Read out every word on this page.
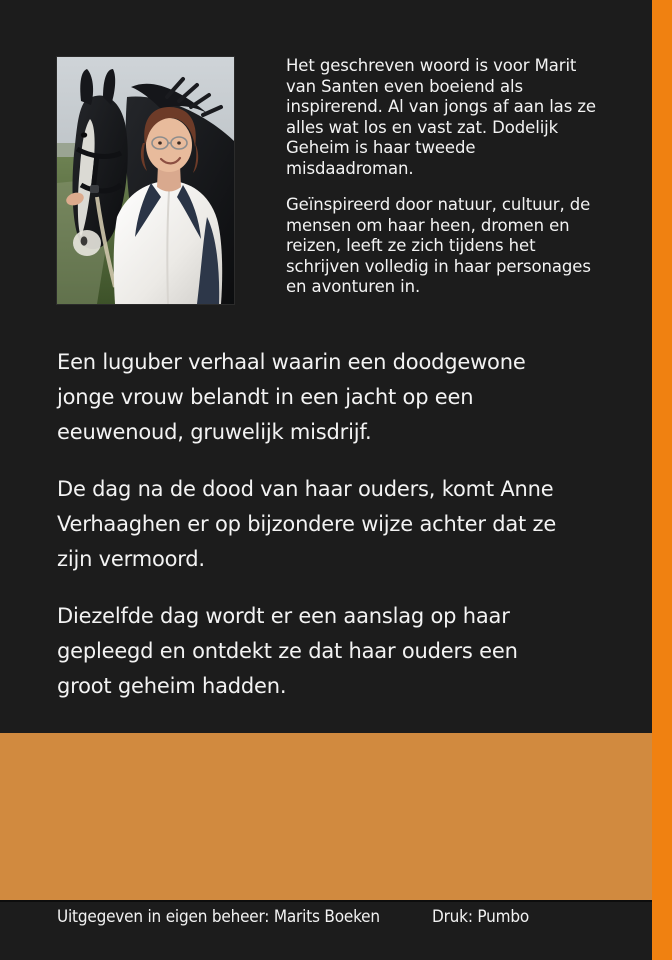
Het geschreven woord is voor Marit van Santen even boeiend als inspirerend. Al van jongs af aan las ze alles wat los en vast zat. Dodelijk Geheim is haar tweede misdaadroman.

Geïnspireerd door natuur, cultuur, de mensen om haar heen, dromen en reizen, leeft ze zich tijdens het schrijven volledig in haar personages en avonturen in.

Een luguber verhaal waarin een doodgewone jonge vrouw belandt in een jacht op een eeuwenoud, gruwelijk misdrijf.

De dag na de dood van haar ouders, komt Anne Verhaaghen er op bijzondere wijze achter dat ze zijn vermoord.

Diezelfde dag wordt er een aanslag op haar gepleegd en ontdekt ze dat haar ouders een groot geheim hadden.

Uitgegeven in eigen beheer: Marits Boeken	Druk: Pumbo
